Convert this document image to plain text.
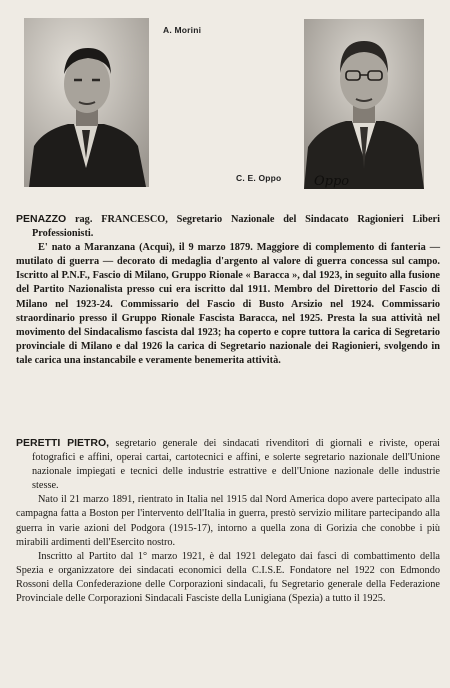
A. Morini
Oppo
C. E. Oppo

PENAZZO rag. FRANCESCO, Segretario Nazionale del Sindacato Ragionieri Liberi Professionisti.

E' nato a Maranzana (Acqui), il 9 marzo 1879. Maggiore di complemento di fanteria — mutilato di guerra — decorato di medaglia d'argento al valore di guerra concessa sul campo. Iscritto al P.N.F., Fascio di Milano, Gruppo Rionale « Baracca », dal 1923, in seguito alla fusione del Partito Nazionalista presso cui era iscritto dal 1911. Membro del Direttorio del Fascio di Milano nel 1923-24. Commissario del Fascio di Busto Arsizio nel 1924. Commissario straordinario presso il Gruppo Rionale Fascista Baracca, nel 1925. Presta la sua attività nel movimento del Sindacalismo fascista dal 1923; ha coperto e copre tuttora la carica di Segretario provinciale di Milano e dal 1926 la carica di Segretario nazionale dei Ragionieri, svolgendo in tale carica una instancabile e veramente benemerita attività.

PERETTI PIETRO, segretario generale dei sindacati rivenditori di giornali e riviste, operai fotografici e affini, operai cartai, cartotecnici e affini, e solerte segretario nazionale dell'Unione nazionale impiegati e tecnici delle industrie estrattive e dell'Unione nazionale delle industrie stesse.

Nato il 21 marzo 1891, rientrato in Italia nel 1915 dal Nord America dopo avere partecipato alla campagna fatta a Boston per l'intervento dell'Italia in guerra, prestò servizio militare partecipando alla guerra in varie azioni del Podgora (1915-17), intorno a quella zona di Gorizia che conobbe i più mirabili ardimenti dell'Esercito nostro.

Inscritto al Partito dal 1° marzo 1921, è dal 1921 delegato dai fasci di combattimento della Spezia e organizzatore dei sindacati economici della C.I.S.E. Fondatore nel 1922 con Edmondo Rossoni della Confederazione delle Corporazioni sindacali, fu Segretario generale della Federazione Provinciale delle Corporazioni Sindacali Fasciste della Lunigiana (Spezia) a tutto il 1925.
